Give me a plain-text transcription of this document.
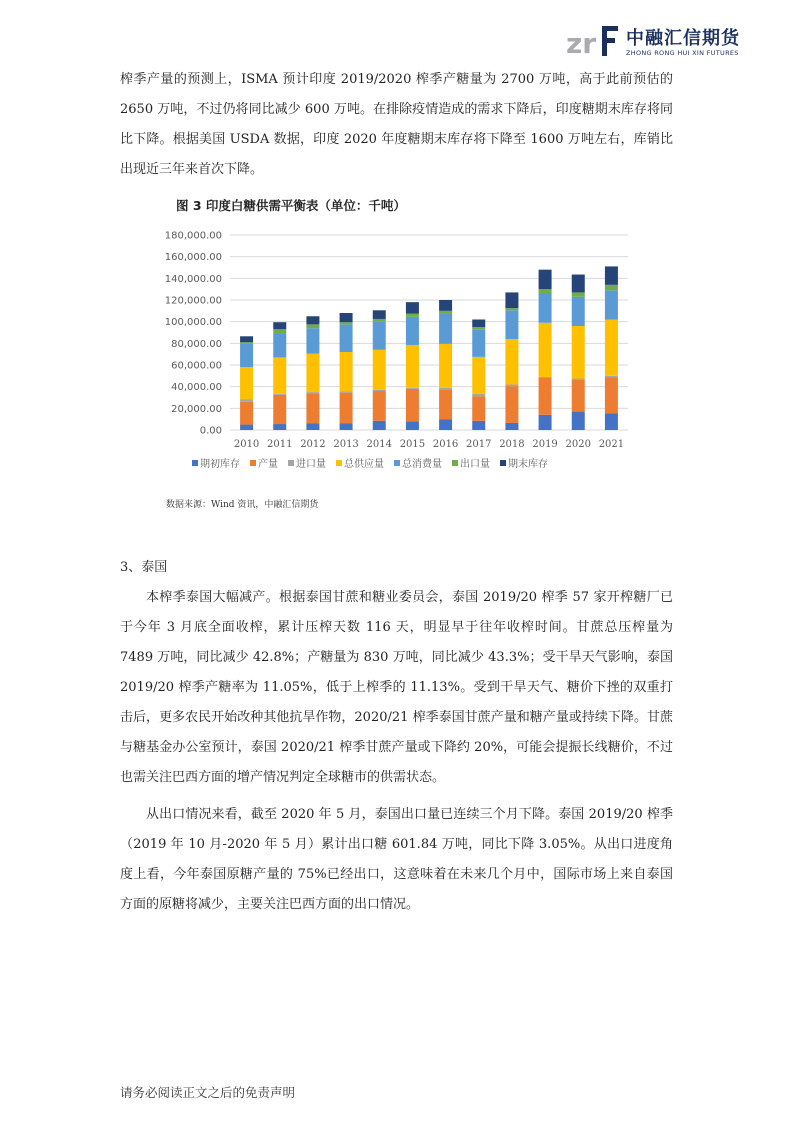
zr 中融汇信期货
ZHONG RONG HUI XIN FUTURES

榨季产量的预测上，ISMA 预计印度 2019/2020 榨季产糖量为 2700 万吨，高于此前预估的 2650 万吨，不过仍将同比减少 600 万吨。在排除疫情造成的需求下降后，印度糖期末库存将同比下降。根据美国 USDA 数据，印度 2020 年度糖期末库存将下降至 1600 万吨左右，库销比出现近三年来首次下降。

图 3 印度白糖供需平衡表（单位：千吨）
0.00
20,000.00
40,000.00
60,000.00
80,000.00
100,000.00
120,000.00
140,000.00
160,000.00
180,000.00
2010 2011 2012 2013 2014 2015 2016 2017 2018 2019 2020 2021
期初库存 产量 进口量 总供应量 总消费量 出口量 期末库存
数据来源：Wind 资讯，中融汇信期货
3、泰国

本榨季泰国大幅减产。根据泰国甘蔗和糖业委员会，泰国 2019/20 榨季 57 家开榨糖厂已于今年 3 月底全面收榨，累计压榨天数 116 天，明显早于往年收榨时间。甘蔗总压榨量为 7489 万吨，同比减少 42.8%；产糖量为 830 万吨，同比减少 43.3%；受干旱天气影响，泰国 2019/20 榨季产糖率为 11.05%，低于上榨季的 11.13%。受到干旱天气、糖价下挫的双重打击后，更多农民开始改种其他抗旱作物，2020/21 榨季泰国甘蔗产量和糖产量或持续下降。甘蔗与糖基金办公室预计，泰国 2020/21 榨季甘蔗产量或下降约 20%，可能会提振长线糖价，不过也需关注巴西方面的增产情况判定全球糖市的供需状态。

从出口情况来看，截至 2020 年 5 月，泰国出口量已连续三个月下降。泰国 2019/20 榨季（2019 年 10 月-2020 年 5 月）累计出口糖 601.84 万吨，同比下降 3.05%。从出口进度角度上看，今年泰国原糖产量的 75%已经出口，这意味着在未来几个月中，国际市场上来自泰国方面的原糖将减少，主要关注巴西方面的出口情况。

请务必阅读正文之后的免责声明
